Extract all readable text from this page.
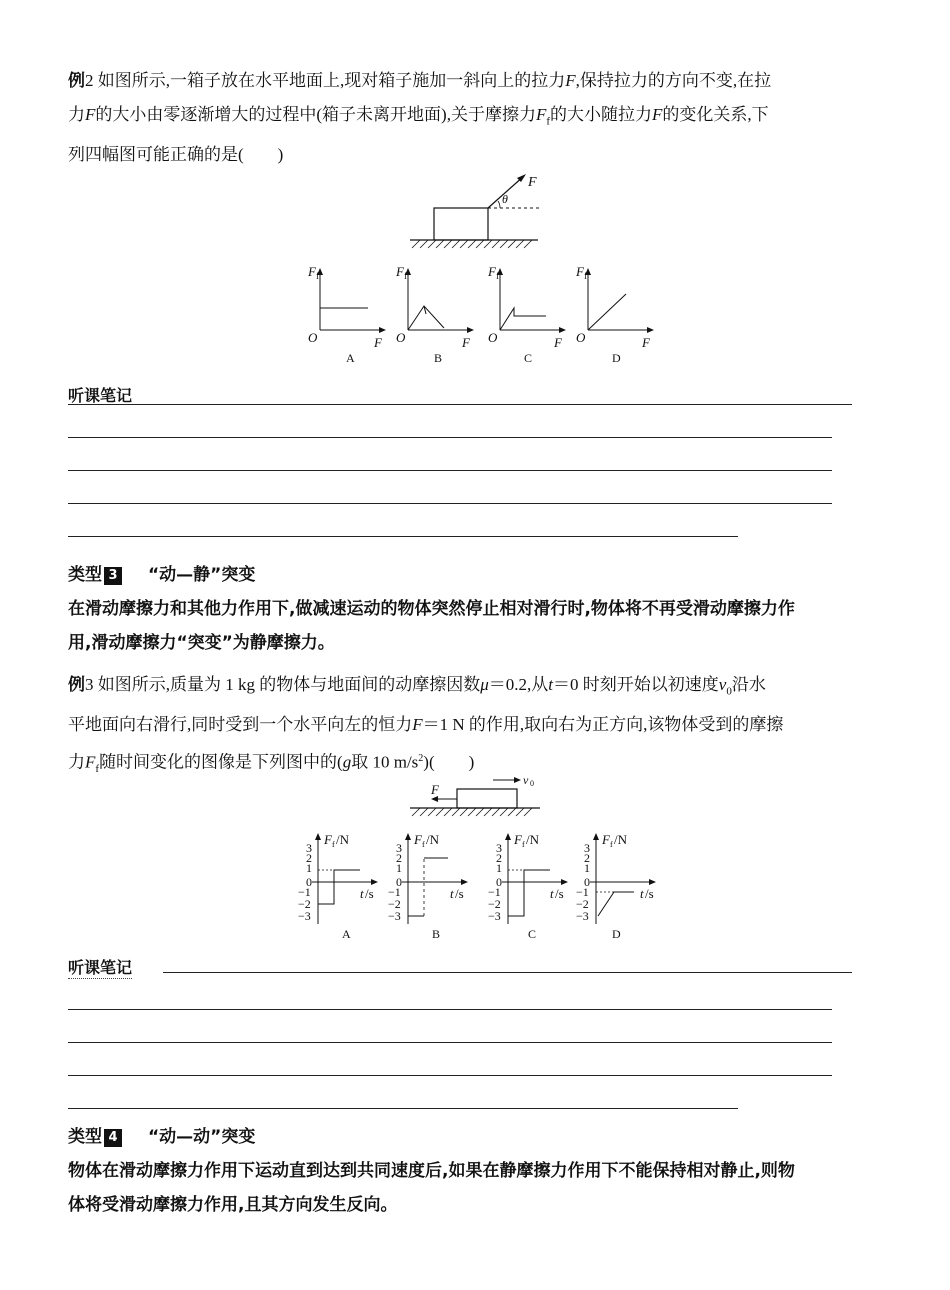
例2 如图所示,一箱子放在水平地面上,现对箱子施加一斜向上的拉力F,保持拉力的方向不变,在拉
力F的大小由零逐渐增大的过程中(箱子未离开地面),关于摩擦力$F_f$的大小随拉力F的变化关系,下
列四幅图可能正确的是(　　)
F
θ
F f
O	F
A
F f
O	F
B
F f
O	F
C
F f
O	F
D
听课笔记
类型 3 “动—静”突变
在滑动摩擦力和其他力作用下,做减速运动的物体突然停止相对滑行时,物体将不再受滑动摩擦力作
用,滑动摩擦力“突变”为静摩擦力。
例3 如图所示,质量为 1 kg 的物体与地面间的动摩擦因数μ＝0.2,从t＝0 时刻开始以初速度$v_0$沿水
平地面向右滑行,同时受到一个水平向左的恒力F＝1 N 的作用,取向右为正方向,该物体受到的摩擦
力$F_f$随时间变化的图像是下列图中的(g取 10 $m/s^2$)(　　)
F
v 0
3
2
1
0
−1
−2
−3
F f /N
t /s
A
3
2
1
0
−1
−2
−3
F f /N
t /s
B
3
2
1
0
−1
−2
−3
F f /N
t /s
C
3
2
1
0
−1
−2
−3
F f /N
t /s
D
听课笔记
类型 4 “动—动”突变
物体在滑动摩擦力作用下运动直到达到共同速度后,如果在静摩擦力作用下不能保持相对静止,则物
体将受滑动摩擦力作用,且其方向发生反向。
